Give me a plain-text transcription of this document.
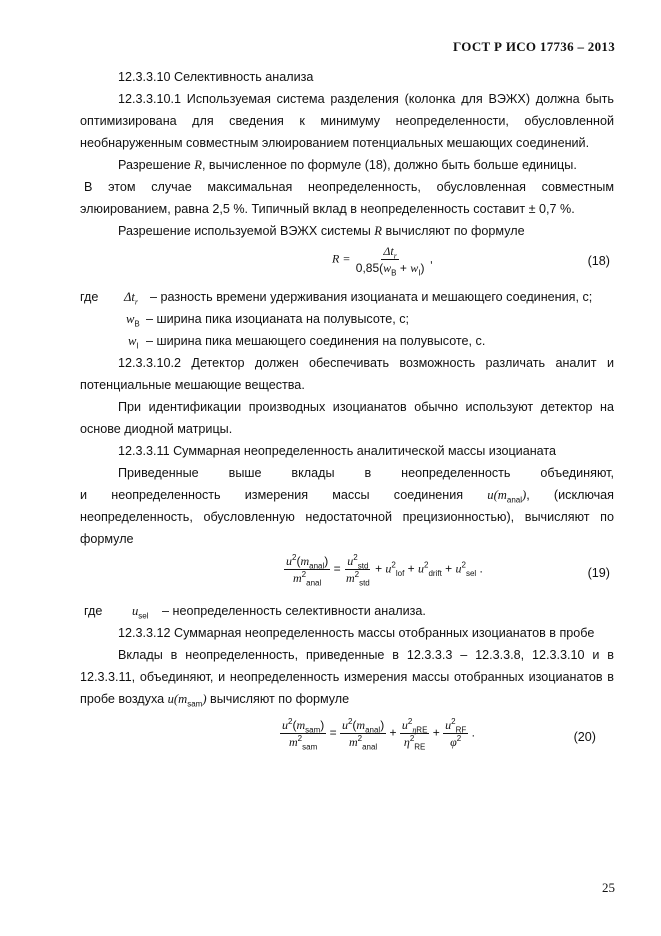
ГОСТ Р ИСО 17736 – 2013

12.3.3.10 Селективность анализа

12.3.3.10.1 Используемая система разделения (колонка для ВЭЖХ) должна быть оптимизирована для сведения к минимуму неопределенности, обусловленной необнаруженным совместным элюированием потенциальных мешающих соединений.

Разрешение R, вычисленное по формуле (18), должно быть больше единицы.

В этом случае максимальная неопределенность, обусловленная совместным элюированием, равна 2,5 %. Типичный вклад в неопределенность составит ± 0,7 %.

Разрешение используемой ВЭЖХ системы R вычисляют по формуле

$R = \frac{\Delta t_r}{0,85(w_B + w_I)}$ ,	(18)
где $\Delta t_r$ – разность времени удерживания изоцианата и мешающего соединения, с;
$w_B$ – ширина пика изоцианата на полувысоте, с;
$w_I$ – ширина пика мешающего соединения на полувысоте, с.

12.3.3.10.2 Детектор должен обеспечивать возможность различать аналит и потенциальные мешающие вещества.

При идентификации производных изоцианатов обычно используют детектор на основе диодной матрицы.

12.3.3.11 Суммарная неопределенность аналитической массы изоцианата

Приведенные выше вклады в неопределенность объединяют,

и неопределенность измерения массы соединения $u(m_{anal})$, (исключая

неопределенность, обусловленную недостаточной прецизионностью), вычисляют по формуле

$\frac{u^2(m_{anal})}{m^2_{anal}} = \frac{u^2_{std}}{m^2_{std}} + u^2_{lof} + u^2_{drift} + u^2_{sel}$ .	(19)
где $u_{sel}$ – неопределенность селективности анализа.

12.3.3.12 Суммарная неопределенность массы отобранных изоцианатов в пробе

Вклады в неопределенность, приведенные в 12.3.3.3 – 12.3.3.8, 12.3.3.10 и в 12.3.3.11, объединяют, и неопределенность измерения массы отобранных изоцианатов в пробе воздуха $u(m_{sam})$ вычисляют по формуле

$\frac{u^2(m_{sam})}{m^2_{sam}} = \frac{u^2(m_{anal})}{m^2_{anal}} + \frac{u^2_{\eta RE}}{\eta^2_{RE}} + \frac{u^2_{RF}}{\varphi^2}$ .	(20)
25
